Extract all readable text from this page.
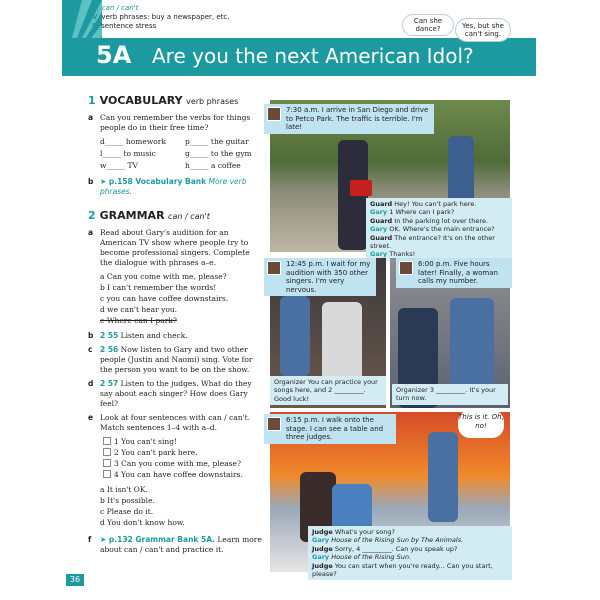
G can / can't
V verb phrases: buy a newspaper, etc.
P sentence stress
5A Are you the next American Idol?
Can she dance?	Yes, but she can't sing.
1 VOCABULARY verb phrases
a Can you remember the verbs for things people do in their free time?
d_____ homework	p_____ the guitar
l_____ to music	g_____ to the gym
w_____ TV	h_____ a coffee
b ➤ p.158 Vocabulary Bank More verb phrases.
2 GRAMMAR can / can't
a Read about Gary's audition for an American TV show where people try to become professional singers. Complete the dialogue with phrases a–e.
a Can you come with me, please?
b I can't remember the words!
c you can have coffee downstairs.
d we can't hear you.
e Where can I park?
b 2 55 Listen and check.
c 2 56 Now listen to Gary and two other people (Justin and Naomi) sing. Vote for the person you want to be on the show.
d 2 57 Listen to the judges. What do they say about each singer? How does Gary feel?
e Look at four sentences with can / can't. Match sentences 1–4 with a–d.
1 You can't sing!
2 You can't park here.
3 Can you come with me, please?
4 You can have coffee downstairs.
a It isn't OK.
b It's possible.
c Please do it.
d You don't know how.
f ➤ p.132 Grammar Bank 5A. Learn more about can / can't and practice it.
7:30 a.m. I arrive in San Diego and drive to Petco Park. The traffic is terrible. I'm late!
Guard Hey! You can't park here.
Gary 1 Where can I park?
Guard In the parking lot over there.
Gary OK. Where's the main entrance?
Guard The entrance? It's on the other street.
Gary Thanks!
12:45 p.m. I wait for my audition with 350 other singers. I'm very nervous.
Organizer You can practice your songs here, and 2 _________. Good luck!
6:00 p.m. Five hours later! Finally, a woman calls my number.
Organizer 3 _________. It's your turn now.
This is it. Oh, no!
6:15 p.m. I walk onto the stage. I can see a table and three judges.
Judge What's your song?
Gary House of the Rising Sun by The Animals.
Judge Sorry, 4 _________. Can you speak up?
Gary House of the Rising Sun.
Judge You can start when you're ready... Can you start, please?
36
